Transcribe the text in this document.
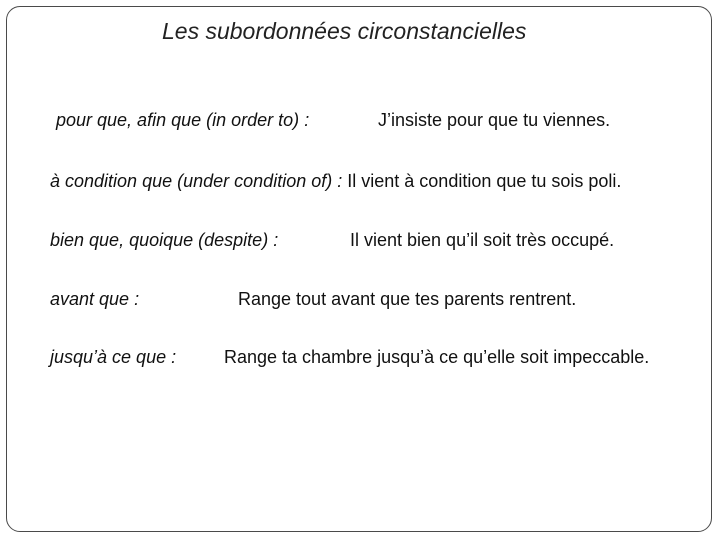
Les subordonnées circonstancielles
pour que, afin que (in order to) :	J’insiste pour que tu viennes.
à condition que (under condition of) : Il vient à condition que tu sois poli.
bien que, quoique (despite) :	Il vient bien qu’il soit très occupé.
avant que :	Range tout avant que tes parents rentrent.
jusqu’à ce que :	Range ta chambre jusqu’à ce qu’elle soit impeccable.
